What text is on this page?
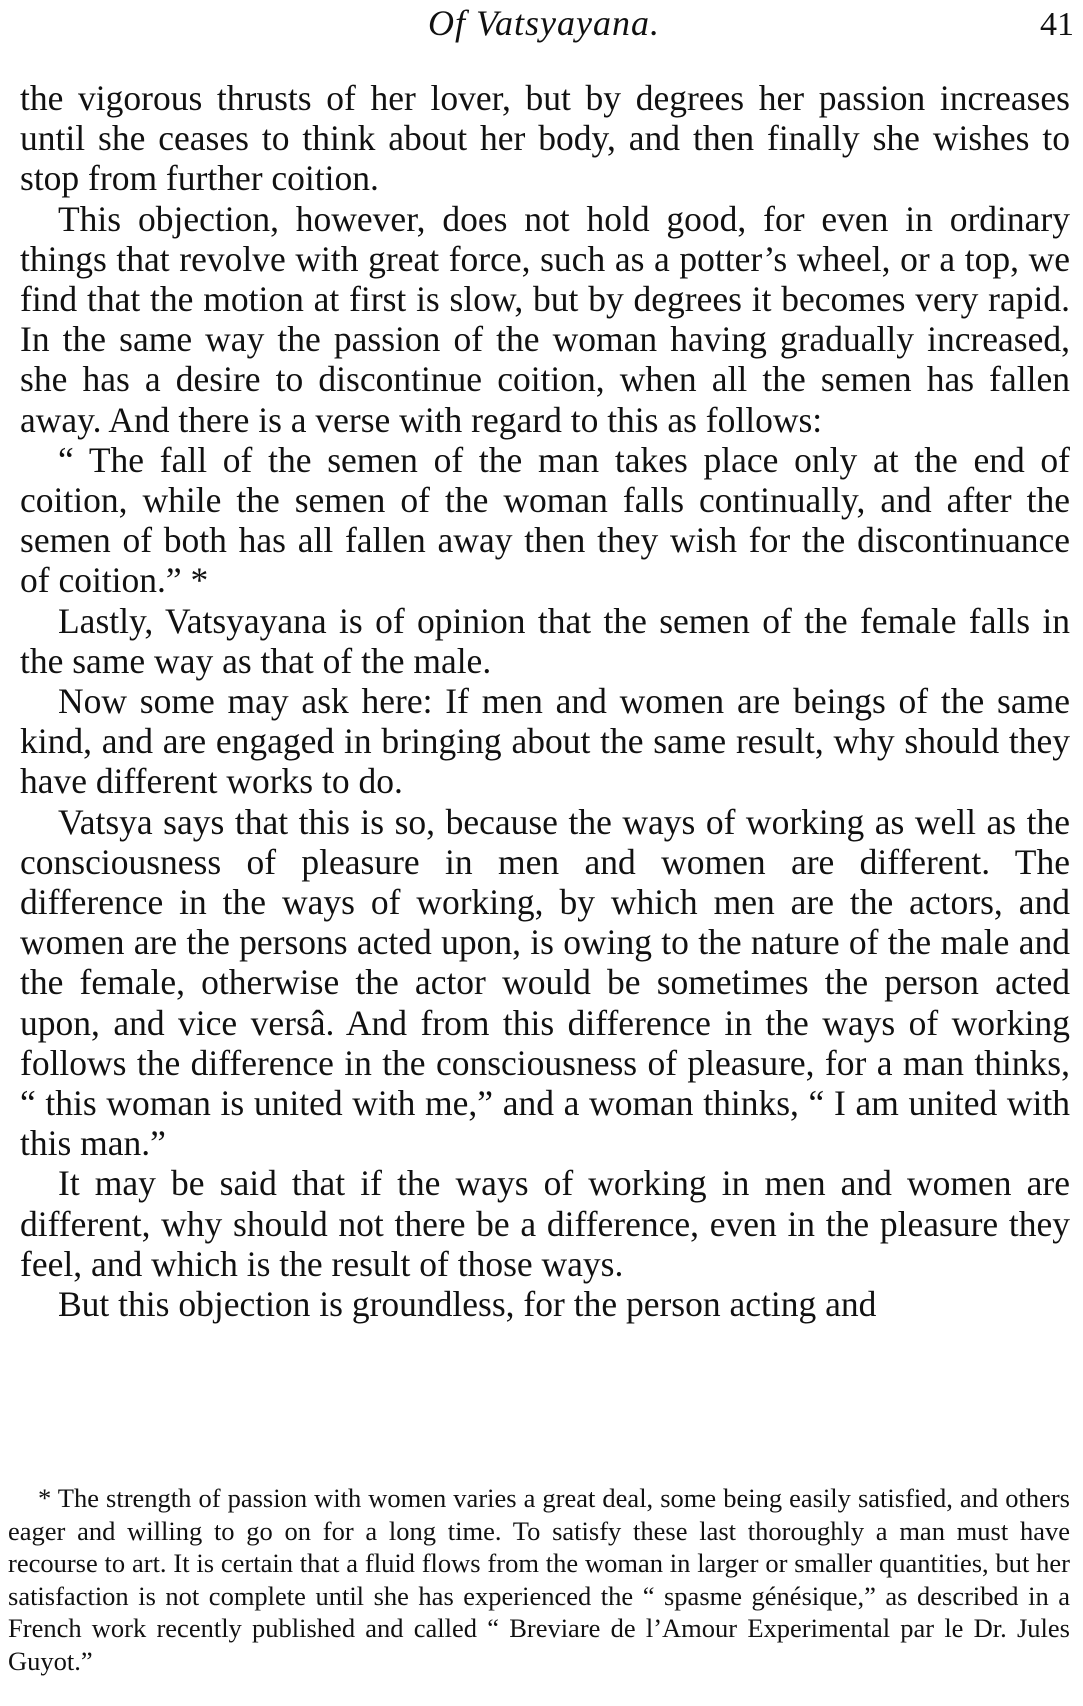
Of Vatsyayana.	41

the vigorous thrusts of her lover, but by degrees her passion increases until she ceases to think about her body, and then finally she wishes to stop from further coition.

This objection, however, does not hold good, for even in ordinary things that revolve with great force, such as a potter’s wheel, or a top, we find that the motion at first is slow, but by degrees it becomes very rapid. In the same way the passion of the woman having gradually increased, she has a desire to discontinue coition, when all the semen has fallen away. And there is a verse with regard to this as follows:

“ The fall of the semen of the man takes place only at the end of coition, while the semen of the woman falls continually, and after the semen of both has all fallen away then they wish for the discontinuance of coition.” *

Lastly, Vatsyayana is of opinion that the semen of the female falls in the same way as that of the male.

Now some may ask here: If men and women are beings of the same kind, and are engaged in bringing about the same result, why should they have different works to do.

Vatsya says that this is so, because the ways of working as well as the consciousness of pleasure in men and women are different. The difference in the ways of working, by which men are the actors, and women are the persons acted upon, is owing to the nature of the male and the female, otherwise the actor would be sometimes the person acted upon, and vice versâ. And from this difference in the ways of working follows the difference in the consciousness of pleasure, for a man thinks, “ this woman is united with me,” and a woman thinks, “ I am united with this man.”

It may be said that if the ways of working in men and women are different, why should not there be a difference, even in the pleasure they feel, and which is the result of those ways.

But this objection is groundless, for the person acting and

* The strength of passion with women varies a great deal, some being easily satisfied, and others eager and willing to go on for a long time. To satisfy these last thoroughly a man must have recourse to art. It is certain that a fluid flows from the woman in larger or smaller quantities, but her satisfaction is not complete until she has experienced the “ spasme génésique,” as described in a French work recently published and called “ Breviare de l’Amour Experimental par le Dr. Jules Guyot.”
